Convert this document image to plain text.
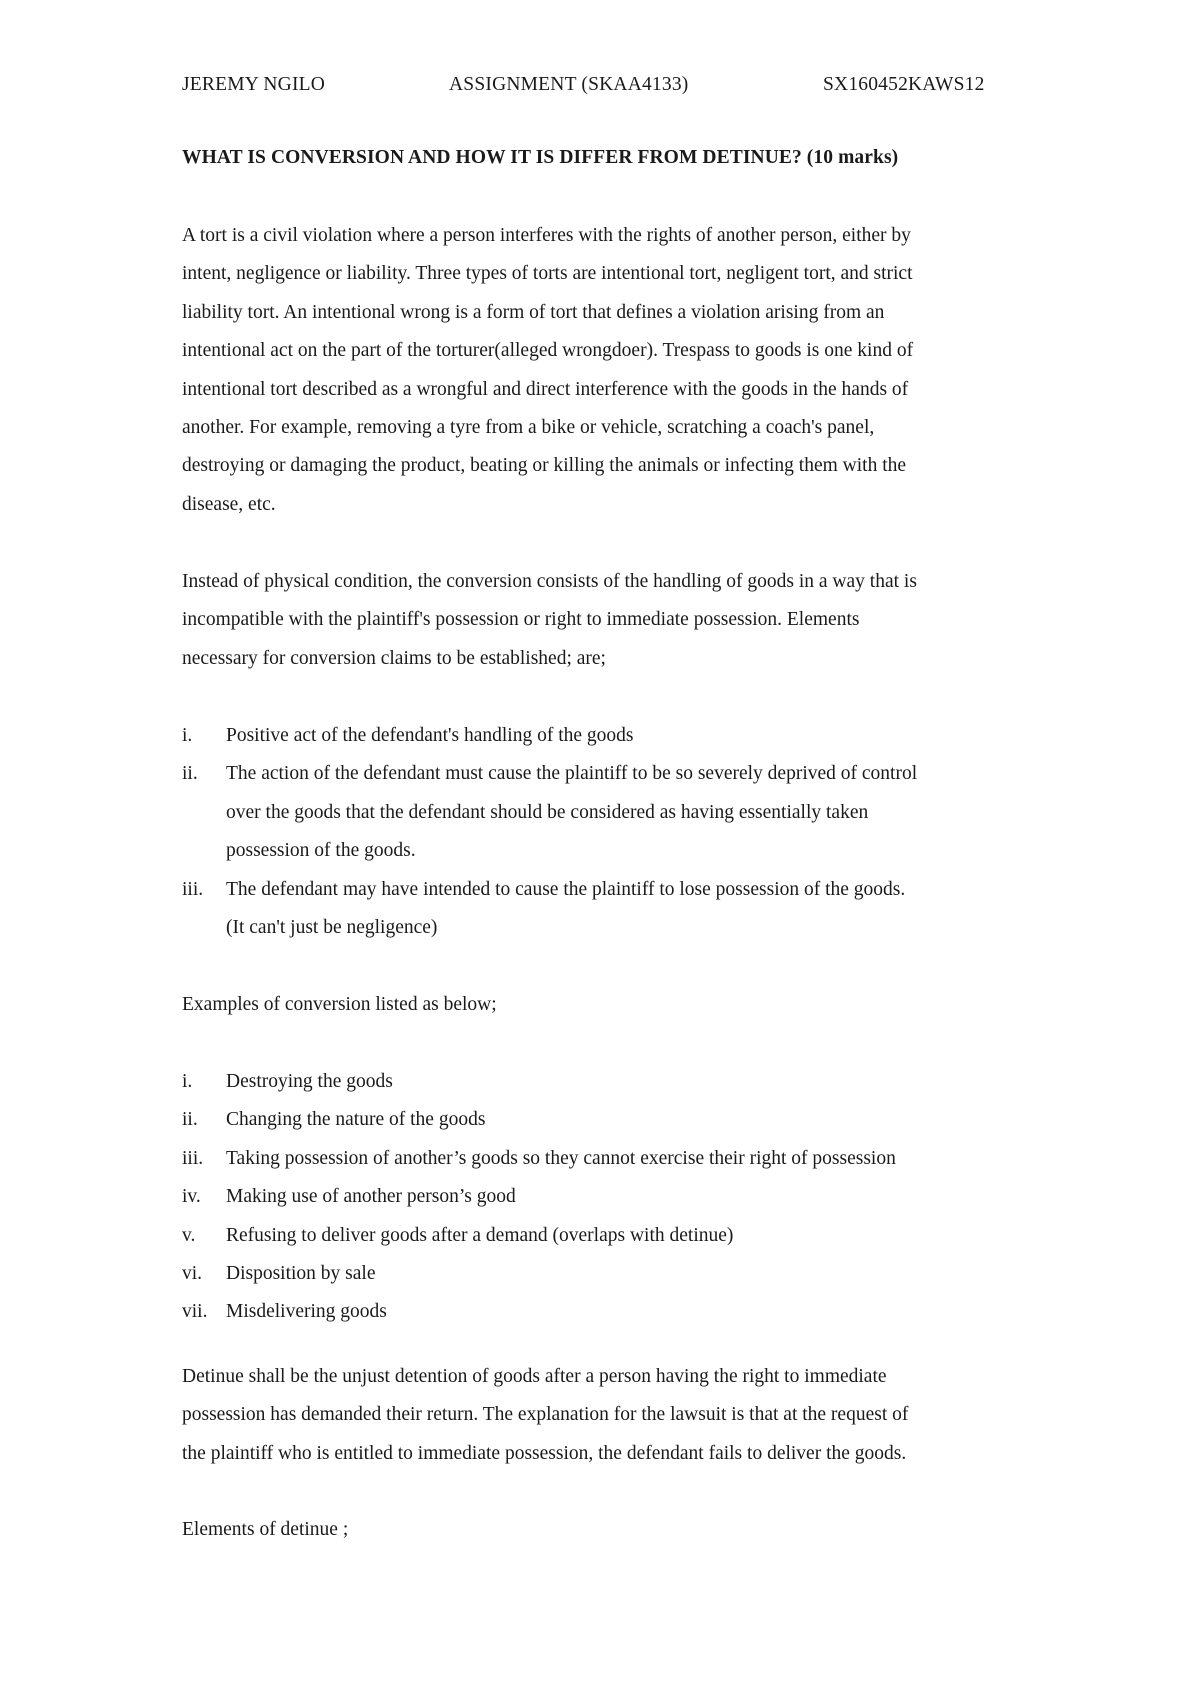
JEREMY NGILO	ASSIGNMENT (SKAA4133)	SX160452KAWS12
WHAT IS CONVERSION AND HOW IT IS DIFFER FROM DETINUE? (10 marks)

A tort is a civil violation where a person interferes with the rights of another person, either by
intent, negligence or liability. Three types of torts are intentional tort, negligent tort, and strict
liability tort. An intentional wrong is a form of tort that defines a violation arising from an
intentional act on the part of the torturer(alleged wrongdoer). Trespass to goods is one kind of
intentional tort described as a wrongful and direct interference with the goods in the hands of
another. For example, removing a tyre from a bike or vehicle, scratching a coach's panel,
destroying or damaging the product, beating or killing the animals or infecting them with the
disease, etc.

Instead of physical condition, the conversion consists of the handling of goods in a way that is
incompatible with the plaintiff's possession or right to immediate possession. Elements
necessary for conversion claims to be established; are;

i. Positive act of the defendant's handling of the goods
ii. The action of the defendant must cause the plaintiff to be so severely deprived of control
over the goods that the defendant should be considered as having essentially taken
possession of the goods.
iii. The defendant may have intended to cause the plaintiff to lose possession of the goods.
(It can't just be negligence)

Examples of conversion listed as below;

i. Destroying the goods
ii. Changing the nature of the goods
iii. Taking possession of another’s goods so they cannot exercise their right of possession
iv. Making use of another person’s good
v. Refusing to deliver goods after a demand (overlaps with detinue)
vi. Disposition by sale
vii. Misdelivering goods

Detinue shall be the unjust detention of goods after a person having the right to immediate
possession has demanded their return. The explanation for the lawsuit is that at the request of
the plaintiff who is entitled to immediate possession, the defendant fails to deliver the goods.

Elements of detinue ;
